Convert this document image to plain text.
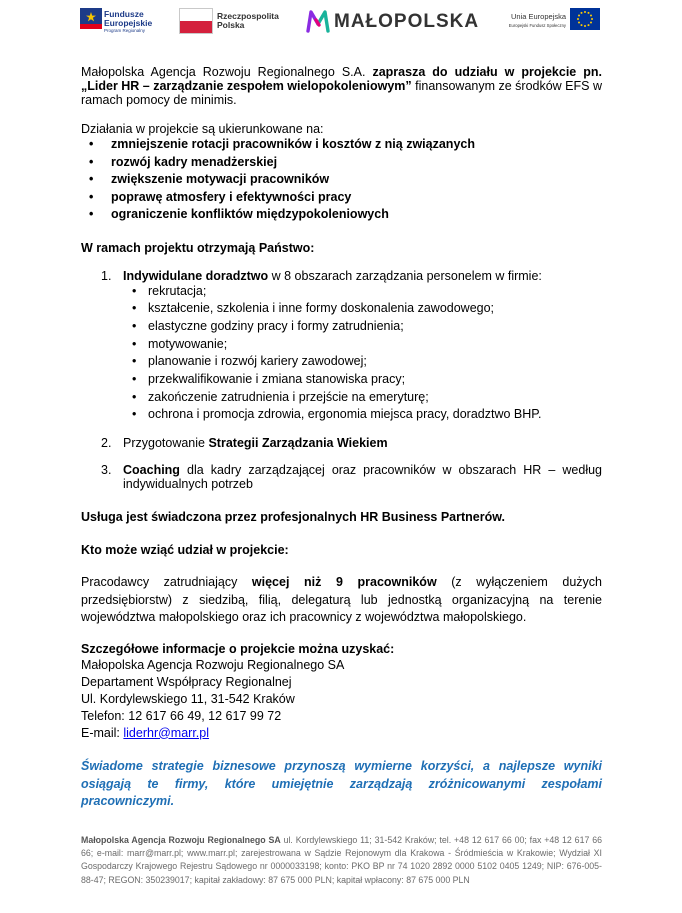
Fundusze
Europejskie
Program Regionalny
Rzeczpospolita
Polska	MAŁOPOLSKA	Unia Europejska
Europejski Fundusz Społeczny

Małopolska Agencja Rozwoju Regionalnego S.A. zaprasza do udziału w projekcie pn. „Lider HR – zarządzanie zespołem wielopokoleniowym” finansowanym ze środków EFS w ramach pomocy de minimis.

Działania w projekcie są ukierunkowane na:

• zmniejszenie rotacji pracowników i kosztów z nią związanych
• rozwój kadry menadżerskiej
• zwiększenie motywacji pracowników
• poprawę atmosfery i efektywności pracy
• ograniczenie konfliktów międzypokoleniowych

W ramach projektu otrzymają Państwo:

1. Indywidulane doradztwo w 8 obszarach zarządzania personelem w firmie:
• rekrutacja;
• kształcenie, szkolenia i inne formy doskonalenia zawodowego;
• elastyczne godziny pracy i formy zatrudnienia;
• motywowanie;
• planowanie i rozwój kariery zawodowej;
• przekwalifikowanie i zmiana stanowiska pracy;
• zakończenie zatrudnienia i przejście na emeryturę;
• ochrona i promocja zdrowia, ergonomia miejsca pracy, doradztwo BHP.
2. Przygotowanie Strategii Zarządzania Wiekiem
3. Coaching dla kadry zarządzającej oraz pracowników w obszarach HR – według indywidualnych potrzeb

Usługa jest świadczona przez profesjonalnych HR Business Partnerów.

Kto może wziąć udział w projekcie:

Pracodawcy zatrudniający więcej niż 9 pracowników (z wyłączeniem dużych przedsiębiorstw) z siedzibą, filią, delegaturą lub jednostką organizacyjną na terenie województwa małopolskiego oraz ich pracownicy z województwa małopolskiego.

Szczegółowe informacje o projekcie można uzyskać:

Małopolska Agencja Rozwoju Regionalnego SA

Departament Współpracy Regionalnej

Ul. Kordylewskiego 11, 31-542 Kraków

Telefon: 12 617 66 49, 12 617 99 72

E-mail: liderhr@marr.pl

Świadome strategie biznesowe przynoszą wymierne korzyści, a najlepsze wyniki osiągają te firmy, które umiejętnie zarządzają zróżnicowanymi zespołami pracowniczymi.

Małopolska Agencja Rozwoju Regionalnego SA ul. Kordylewskiego 11; 31-542 Kraków; tel. +48 12 617 66 00; fax +48 12 617 66 66; e-mail: marr@marr.pl; www.marr.pl; zarejestrowana w Sądzie Rejonowym dla Krakowa - Śródmieścia w Krakowie; Wydział XI Gospodarczy Krajowego Rejestru Sądowego nr 0000033198; konto: PKO BP nr 74 1020 2892 0000 5102 0405 1249; NIP: 676-005-88-47; REGON: 350239017; kapitał zakładowy: 87 675 000 PLN; kapitał wpłacony: 87 675 000 PLN
